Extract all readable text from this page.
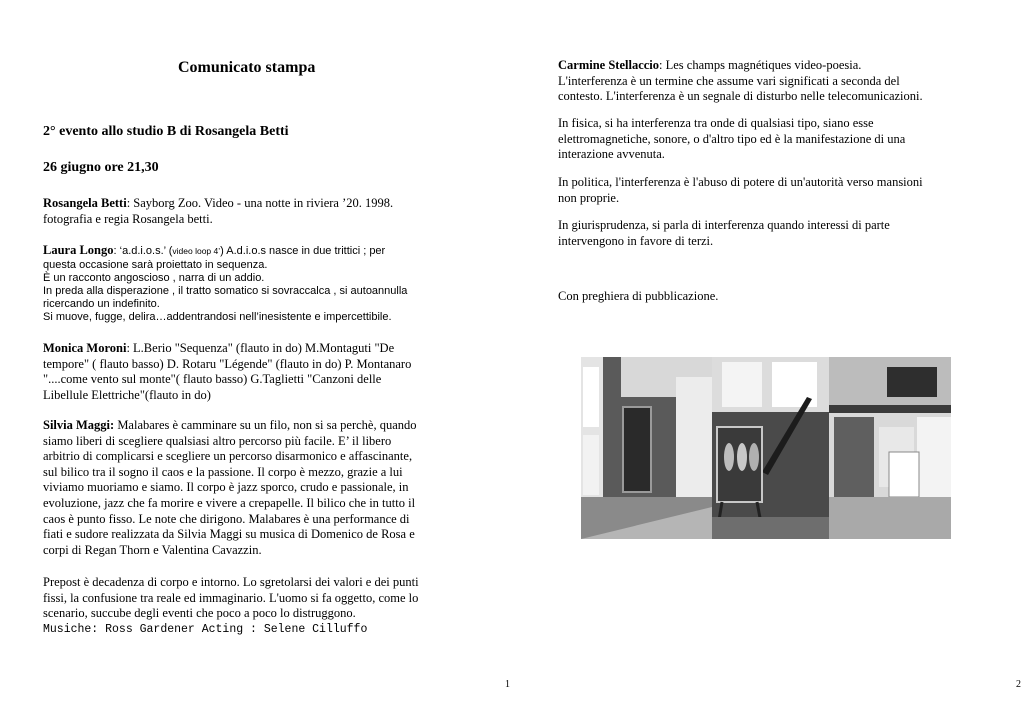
Comunicato stampa
2° evento allo studio B di Rosangela Betti
26 giugno ore 21,30
Rosangela Betti: Sayborg Zoo. Video - una notte in riviera ’20. 1998.
fotografia e regia Rosangela betti.
Laura Longo: ‘a.d.i.o.s.’ (video loop 4’) A.d.i.o.s nasce in due trittici ; per
questa occasione sarà proiettato in sequenza.
È un racconto angoscioso , narra di un addio.
In preda alla disperazione , il tratto somatico si sovraccalca , si autoannulla
ricercando un indefinito.
Si muove, fugge, delira…addentrandosi nell’inesistente e impercettibile.
Monica Moroni: L.Berio "Sequenza" (flauto in do) M.Montaguti "De
tempore" ( flauto basso) D. Rotaru "Légende" (flauto in do) P. Montanaro
"....come vento sul monte"( flauto basso) G.Taglietti "Canzoni delle
Libellule Elettriche"(flauto in do)
Silvia Maggi: Malabares è camminare su un filo, non si sa perchè, quando
siamo liberi di scegliere qualsiasi altro percorso più facile. E’ il libero
arbitrio di complicarsi e scegliere un percorso disarmonico e affascinante,
sul bilico tra il sogno il caos e la passione. Il corpo è mezzo, grazie a lui
viviamo muoriamo e siamo. Il corpo è jazz sporco, crudo e passionale, in
evoluzione, jazz che fa morire e vivere a crepapelle. Il bilico che in tutto il
caos è punto fisso. Le note che dirigono. Malabares è una performance di
fiati e sudore realizzata da Silvia Maggi su musica di Domenico de Rosa e
corpi di Regan Thorn e Valentina Cavazzin.
Prepost è decadenza di corpo e intorno. Lo sgretolarsi dei valori e dei punti
fissi, la confusione tra reale ed immaginario. L'uomo si fa oggetto, come lo
scenario, succube degli eventi che poco a poco lo distruggono.
Musiche: Ross Gardener Acting : Selene Cilluffo
1
Carmine Stellaccio: Les champs magnétiques video-poesia.
L'interferenza è un termine che assume vari significati a seconda del
contesto. L'interferenza è un segnale di disturbo nelle telecomunicazioni.
In fisica, si ha interferenza tra onde di qualsiasi tipo, siano esse
elettromagnetiche, sonore, o d'altro tipo ed è la manifestazione di una
interazione avvenuta.
In politica, l'interferenza è l'abuso di potere di un'autorità verso mansioni
non proprie.
In giurisprudenza, si parla di interferenza quando interessi di parte
intervengono in favore di terzi.
Con preghiera di pubblicazione.
2
